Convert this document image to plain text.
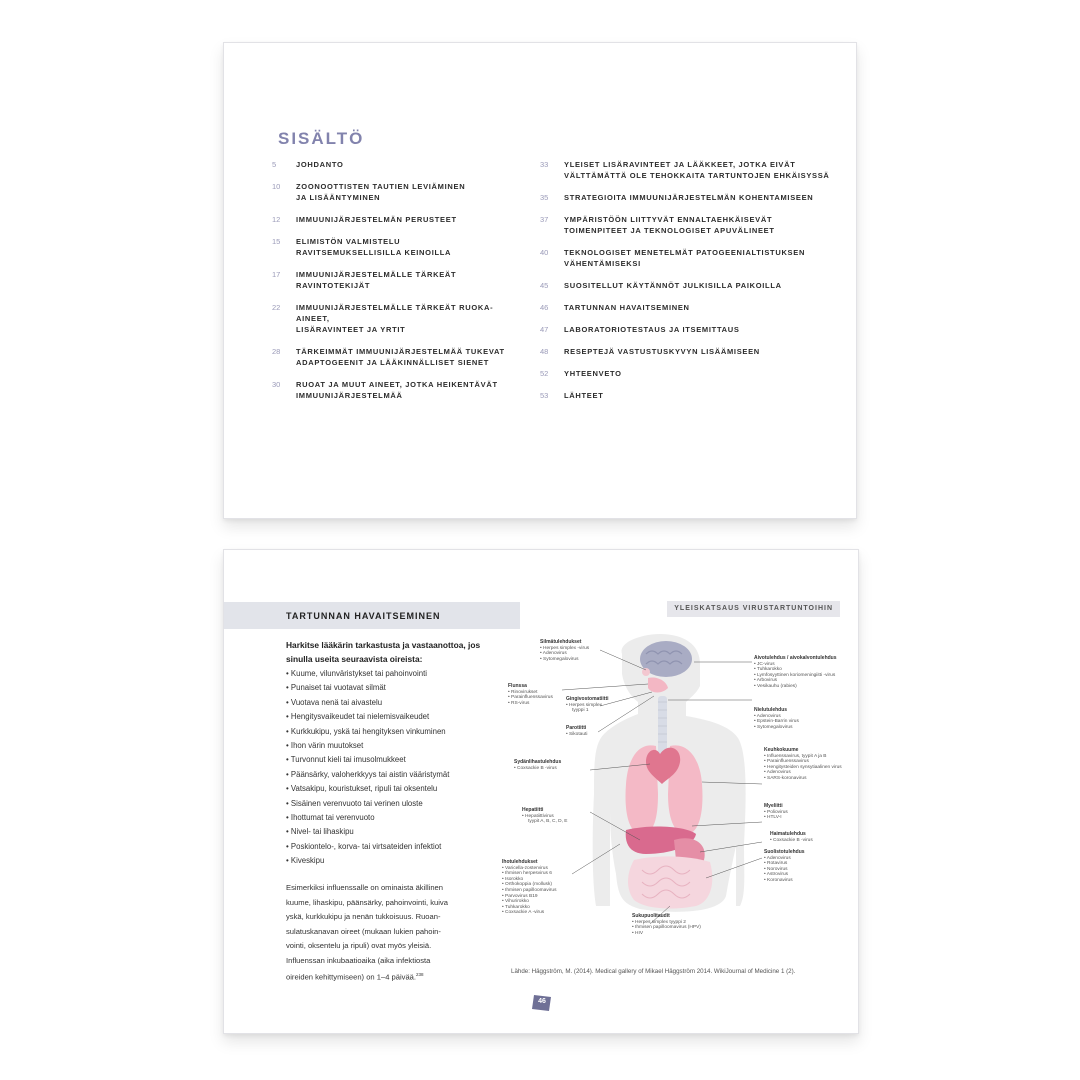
SISÄLTÖ
5	JOHDANTO
10	ZOONOOTTISTEN TAUTIEN LEVIÄMINEN
JA LISÄÄNTYMINEN
12	IMMUUNIJÄRJESTELMÄN PERUSTEET
15	ELIMISTÖN VALMISTELU
RAVITSEMUKSELLISILLA KEINOILLA
17	IMMUUNIJÄRJESTELMÄLLE TÄRKEÄT RAVINTOTEKIJÄT
22	IMMUUNIJÄRJESTELMÄLLE TÄRKEÄT RUOKA-AINEET,
LISÄRAVINTEET JA YRTIT
28	TÄRKEIMMÄT IMMUUNIJÄRJESTELMÄÄ TUKEVAT
ADAPTOGEENIT JA LÄÄKINNÄLLISET SIENET
30	RUOAT JA MUUT AINEET, JOTKA HEIKENTÄVÄT
IMMUUNIJÄRJESTELMÄÄ
33	YLEISET LISÄRAVINTEET JA LÄÄKKEET, JOTKA EIVÄT
VÄLTTÄMÄTTÄ OLE TEHOKKAITA TARTUNTOJEN EHKÄISYSSÄ
35	STRATEGIOITA IMMUUNIJÄRJESTELMÄN KOHENTAMISEEN
37	YMPÄRISTÖÖN LIITTYVÄT ENNALTAEHKÄISEVÄT
TOIMENPITEET JA TEKNOLOGISET APUVÄLINEET
40	TEKNOLOGISET MENETELMÄT PATOGEENIALTISTUKSEN
VÄHENTÄMISEKSI
45	SUOSITELLUT KÄYTÄNNÖT JULKISILLA PAIKOILLA
46	TARTUNNAN HAVAITSEMINEN
47	LABORATORIOTESTAUS JA ITSEMITTAUS
48	RESEPTEJÄ VASTUSTUSKYVYN LISÄÄMISEEN
52	YHTEENVETO
53	LÄHTEET
TARTUNNAN HAVAITSEMINEN
YLEISKATSAUS VIRUSTARTUNTOIHIN
Harkitse lääkärin tarkastusta ja vastaanottoa, jos sinulla useita seuraavista oireista:
• Kuume, vilunväristykset tai pahoinvointi
• Punaiset tai vuotavat silmät
• Vuotava nenä tai aivastelu
• Hengitysvaikeudet tai nielemisvaikeudet
• Kurkkukipu, yskä tai hengityksen vinkuminen
• Ihon värin muutokset
• Turvonnut kieli tai imusolmukkeet
• Päänsärky, valoherkkyys tai aistin vääristymät
• Vatsakipu, kouristukset, ripuli tai oksentelu
• Sisäinen verenvuoto tai verinen uloste
• Ihottumat tai verenvuoto
• Nivel- tai lihaskipu
• Poskiontelo-, korva- tai virtsateiden infektiot
• Kiveskipu
Esimerkiksi influenssalle on ominaista äkillinen
kuume, lihaskipu, päänsärky, pahoinvointi, kuiva
yskä, kurkkukipu ja nenän tukkoisuus. Ruoan-
sulatuskanavan oireet (mukaan lukien pahoin-
vointi, oksentelu ja ripuli) ovat myös yleisiä.
Influenssan inkubaatioaika (aika infektiosta
oireiden kehittymiseen) on 1–4 päivää.$^{238}$
Silmätulehdukset
• Herpes simplex -virus
• Adenovirus
• Sytomegalovirus
Flunssa
• Rinovirukset
• Parainfluenssavirus
• RS-virus
Gingivostomatiitti
• Herpes simplex
tyyppi 1
Parotiitti
• Sikotauti
Sydänlihastulehdus
• Coxsackie B -virus
Hepatiitti
• Hepatiittivirus
tyypit A, B, C, D, E
Ihotulehdukset
• Varicella-zostervirus
• Ihmisen herpesvirus 6
• Isorokko
• Orthokoppia (mollusk)
• Ihmisen papilloomavirus
• Parvovirus B19
• Vihurirokko
• Tuhkarokko
• Coxsackie A -virus
Aivotulehdus / aivokalvontulehdus
• JC-virus
• Tuhkarokko
• Lymfosyyttinen koriomeningiitti -virus
• Arbovirus
• Vesikauhu (rabies)
Nielutulehdus
• Adenovirus
• Epstein-Barrin virus
• Sytomegalovirus
Keuhkokuume
• Influenssavirus, tyypit A ja B
• Parainfluenssavirus
• Hengitysteiden synsytiaalinen virus
• Adenovirus
• SARS-koronavirus
Myeliitti
• Poliovirus
• HTLV-I
Haimatulehdus
• Coxsackie B -virus
Suolistotulehdus
• Adenovirus
• Rotavirus
• Norovirus
• Astrovirus
• Koronavirus
Sukupuolitaudit
• Herpes simplex tyyppi 2
• Ihmisen papilloomavirus (HPV)
• HIV
Lähde: Häggström, M. (2014). Medical gallery of Mikael Häggström 2014. WikiJournal of Medicine 1 (2).
46
